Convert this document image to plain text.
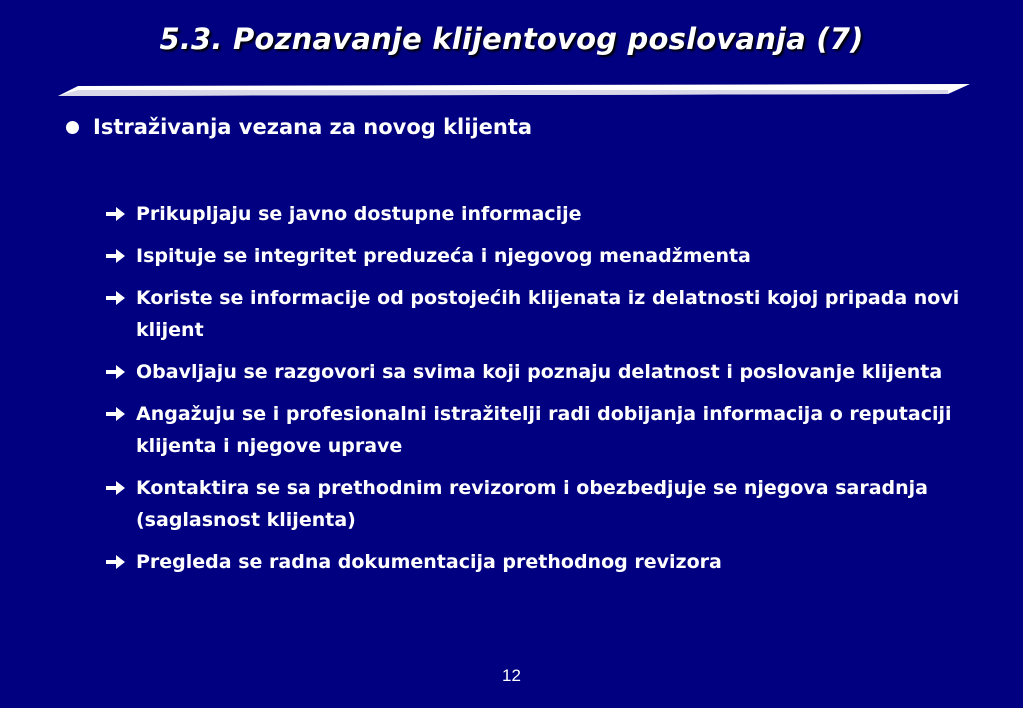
5.3. Poznavanje klijentovog poslovanja (7)
Istraživanja vezana za novog klijenta
Prikupljaju se javno dostupne informacije
Ispituje se integritet preduzeća i njegovog menadžmenta
Koriste se informacije od postojećih klijenata iz delatnosti kojoj pripada novi klijent
Obavljaju se razgovori sa svima koji poznaju delatnost i poslovanje klijenta
Angažuju se i profesionalni istražitelji radi dobijanja informacija o reputaciji klijenta i njegove uprave
Kontaktira se sa prethodnim revizorom i obezbedjuje se njegova saradnja (saglasnost klijenta)
Pregleda se radna dokumentacija prethodnog revizora
12
